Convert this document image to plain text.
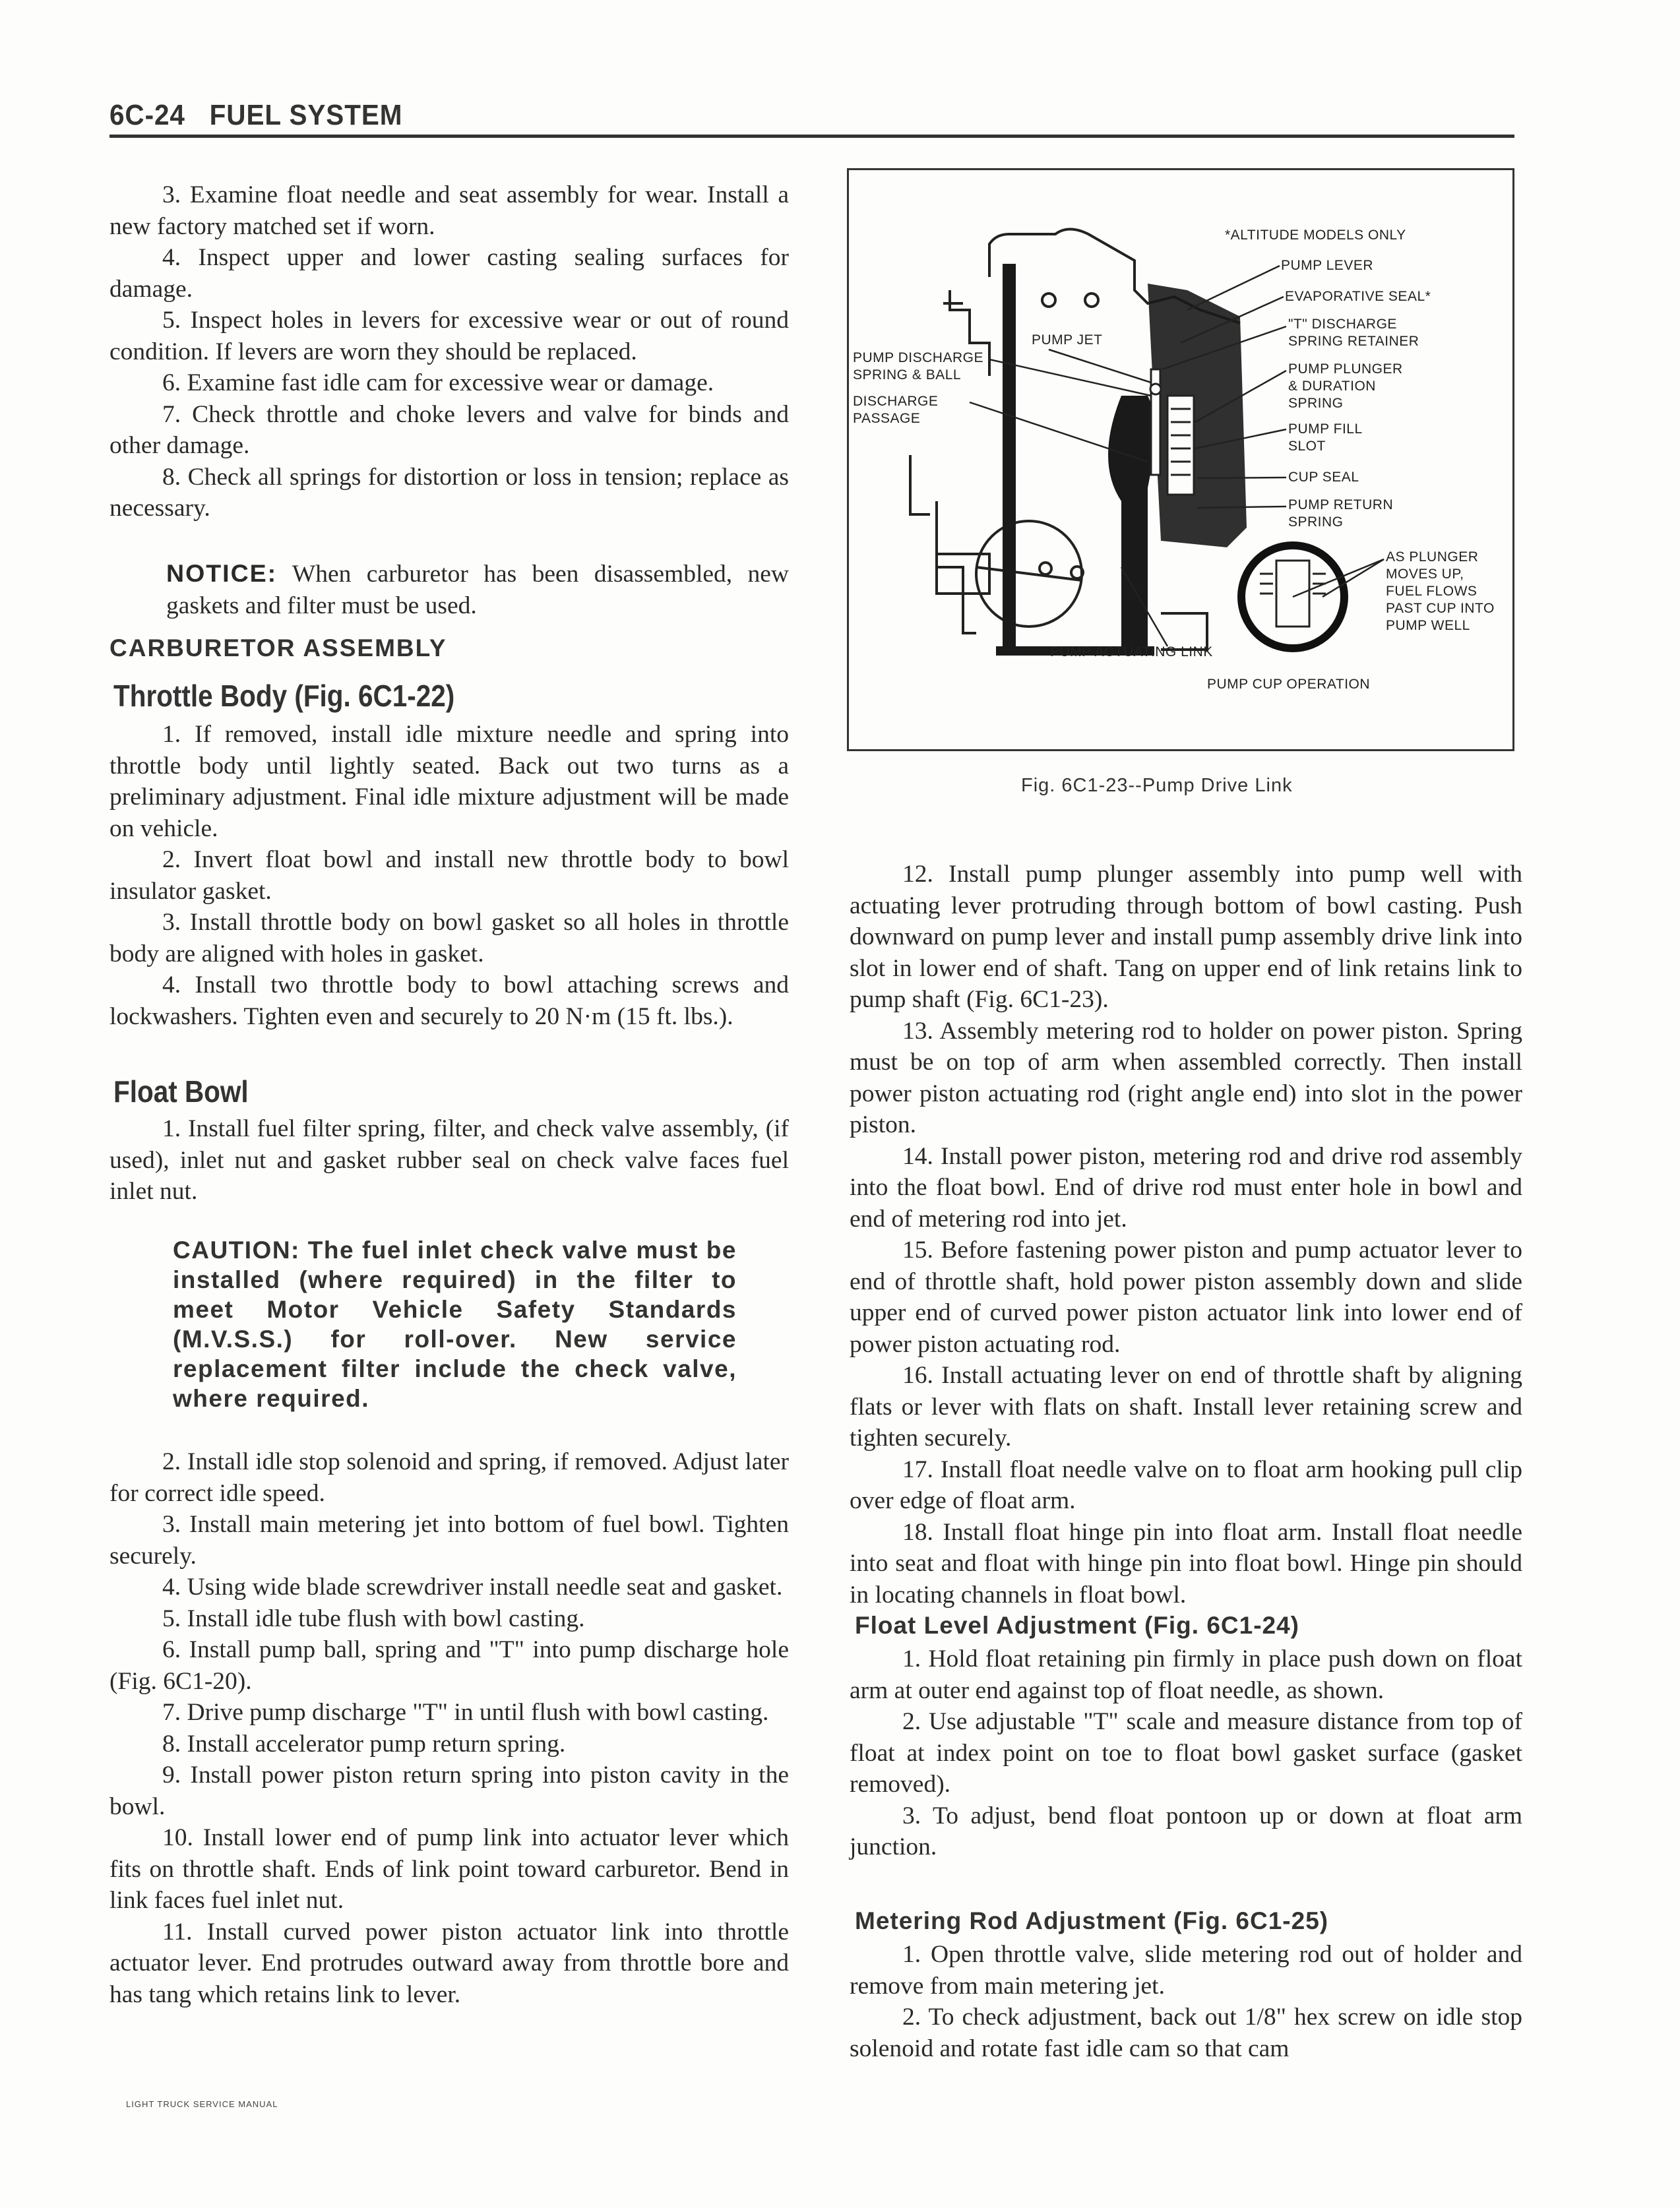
6C-24 FUEL SYSTEM

3. Examine float needle and seat assembly for wear. Install a new factory matched set if worn.

4. Inspect upper and lower casting sealing surfaces for damage.

5. Inspect holes in levers for excessive wear or out of round condition. If levers are worn they should be replaced.

6. Examine fast idle cam for excessive wear or damage.

7. Check throttle and choke levers and valve for binds and other damage.

8. Check all springs for distortion or loss in tension; replace as necessary.

NOTICE: When carburetor has been disassembled, new gaskets and filter must be used.
CARBURETOR ASSEMBLY
Throttle Body (Fig. 6C1-22)

1. If removed, install idle mixture needle and spring into throttle body until lightly seated. Back out two turns as a preliminary adjustment. Final idle mixture adjustment will be made on vehicle.

2. Invert float bowl and install new throttle body to bowl insulator gasket.

3. Install throttle body on bowl gasket so all holes in throttle body are aligned with holes in gasket.

4. Install two throttle body to bowl attaching screws and lockwashers. Tighten even and securely to 20 N·m (15 ft. lbs.).

Float Bowl

1. Install fuel filter spring, filter, and check valve assembly, (if used), inlet nut and gasket rubber seal on check valve faces fuel inlet nut.

CAUTION: The fuel inlet check valve must be installed (where required) in the filter to meet Motor Vehicle Safety Standards (M.V.S.S.) for roll-over. New service replacement filter include the check valve, where required.

2. Install idle stop solenoid and spring, if removed. Adjust later for correct idle speed.

3. Install main metering jet into bottom of fuel bowl. Tighten securely.

4. Using wide blade screwdriver install needle seat and gasket.

5. Install idle tube flush with bowl casting.

6. Install pump ball, spring and "T" into pump discharge hole (Fig. 6C1-20).

7. Drive pump discharge "T" in until flush with bowl casting.

8. Install accelerator pump return spring.

9. Install power piston return spring into piston cavity in the bowl.

10. Install lower end of pump link into actuator lever which fits on throttle shaft. Ends of link point toward carburetor. Bend in link faces fuel inlet nut.

11. Install curved power piston actuator link into throttle actuator lever. End protrudes outward away from throttle bore and has tang which retains link to lever.

*ALTITUDE MODELS ONLY
PUMP LEVER
EVAPORATIVE SEAL*
"T" DISCHARGE
SPRING RETAINER
PUMP PLUNGER
& DURATION
SPRING
PUMP FILL
SLOT
CUP SEAL
PUMP RETURN
SPRING
AS PLUNGER
MOVES UP,
FUEL FLOWS
PAST CUP INTO
PUMP WELL
PUMP ACTUATING LINK
PUMP CUP OPERATION
PUMP DISCHARGE
SPRING & BALL
DISCHARGE
PASSAGE
PUMP JET
Fig. 6C1-23--Pump Drive Link

12. Install pump plunger assembly into pump well with actuating lever protruding through bottom of bowl casting. Push downward on pump lever and install pump assembly drive link into slot in lower end of shaft. Tang on upper end of link retains link to pump shaft (Fig. 6C1-23).

13. Assembly metering rod to holder on power piston. Spring must be on top of arm when assembled correctly. Then install power piston actuating rod (right angle end) into slot in the power piston.

14. Install power piston, metering rod and drive rod assembly into the float bowl. End of drive rod must enter hole in bowl and end of metering rod into jet.

15. Before fastening power piston and pump actuator lever to end of throttle shaft, hold power piston assembly down and slide upper end of curved power piston actuator link into lower end of power piston actuating rod.

16. Install actuating lever on end of throttle shaft by aligning flats or lever with flats on shaft. Install lever retaining screw and tighten securely.

17. Install float needle valve on to float arm hooking pull clip over edge of float arm.

18. Install float hinge pin into float arm. Install float needle into seat and float with hinge pin into float bowl. Hinge pin should in locating channels in float bowl.

Float Level Adjustment (Fig. 6C1-24)

1. Hold float retaining pin firmly in place push down on float arm at outer end against top of float needle, as shown.

2. Use adjustable "T" scale and measure distance from top of float at index point on toe to float bowl gasket surface (gasket removed).

3. To adjust, bend float pontoon up or down at float arm junction.

Metering Rod Adjustment (Fig. 6C1-25)

1. Open throttle valve, slide metering rod out of holder and remove from main metering jet.

2. To check adjustment, back out 1/8" hex screw on idle stop solenoid and rotate fast idle cam so that cam

LIGHT TRUCK SERVICE MANUAL
